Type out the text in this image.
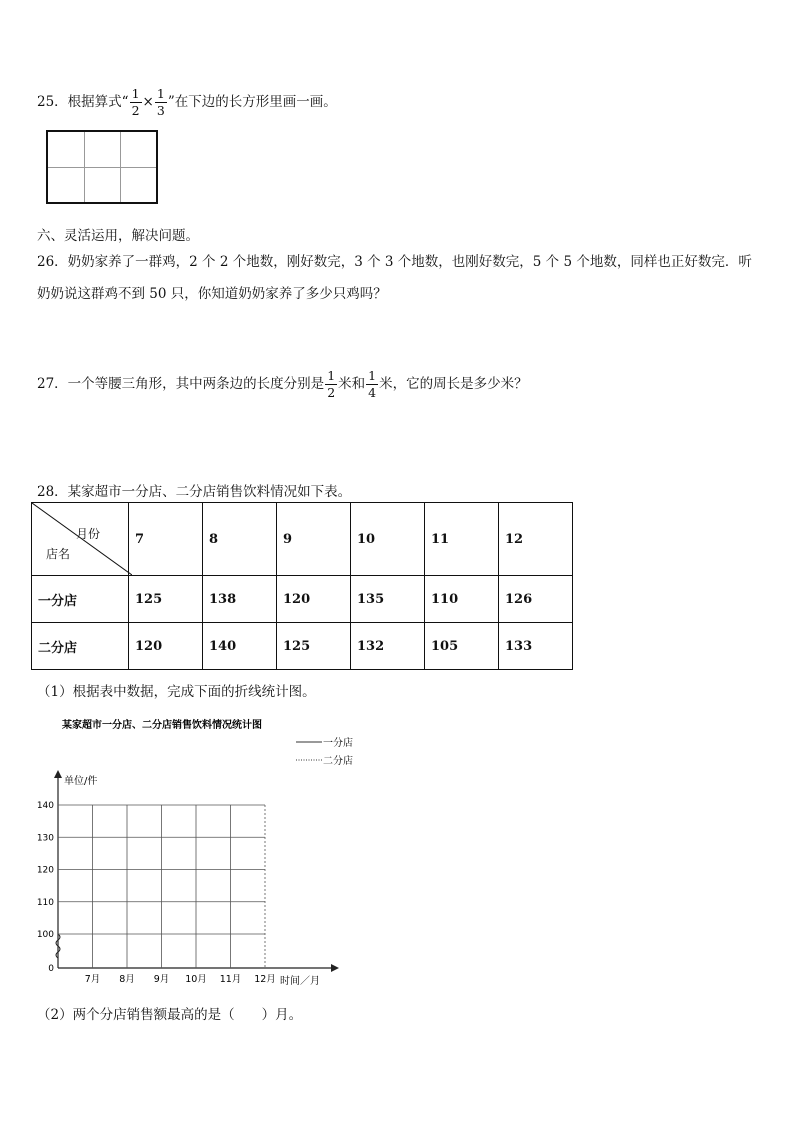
25．根据算式“ $\frac{1}{2} \times \frac{1}{3}$ ”在下边的长方形里画一画。
六、灵活运用，解决问题。
26．奶奶家养了一群鸡，2 个 2 个地数，刚好数完，3 个 3 个地数，也刚好数完，5 个 5 个地数，同样也正好数完．听
奶奶说这群鸡不到 50 只，你知道奶奶家养了多少只鸡吗？
27．一个等腰三角形，其中两条边的长度分别是 $\frac{1}{2}$ 米和 $\frac{1}{4}$ 米，它的周长是多少米？
28．某家超市一分店、二分店销售饮料情况如下表。
月份
店名	7	8	9	10	11	12
一分店	125	138	120	135	110	126
二分店	120	140	125	132	105	133
（1）根据表中数据，完成下面的折线统计图。
某家超市一分店、二分店销售饮料情况统计图
一分店
二分店
单位/件
140
130
120
110
100
0
7月 8月 9月 10月 11月 12月 时间／月
（2）两个分店销售额最高的是（　　）月。
